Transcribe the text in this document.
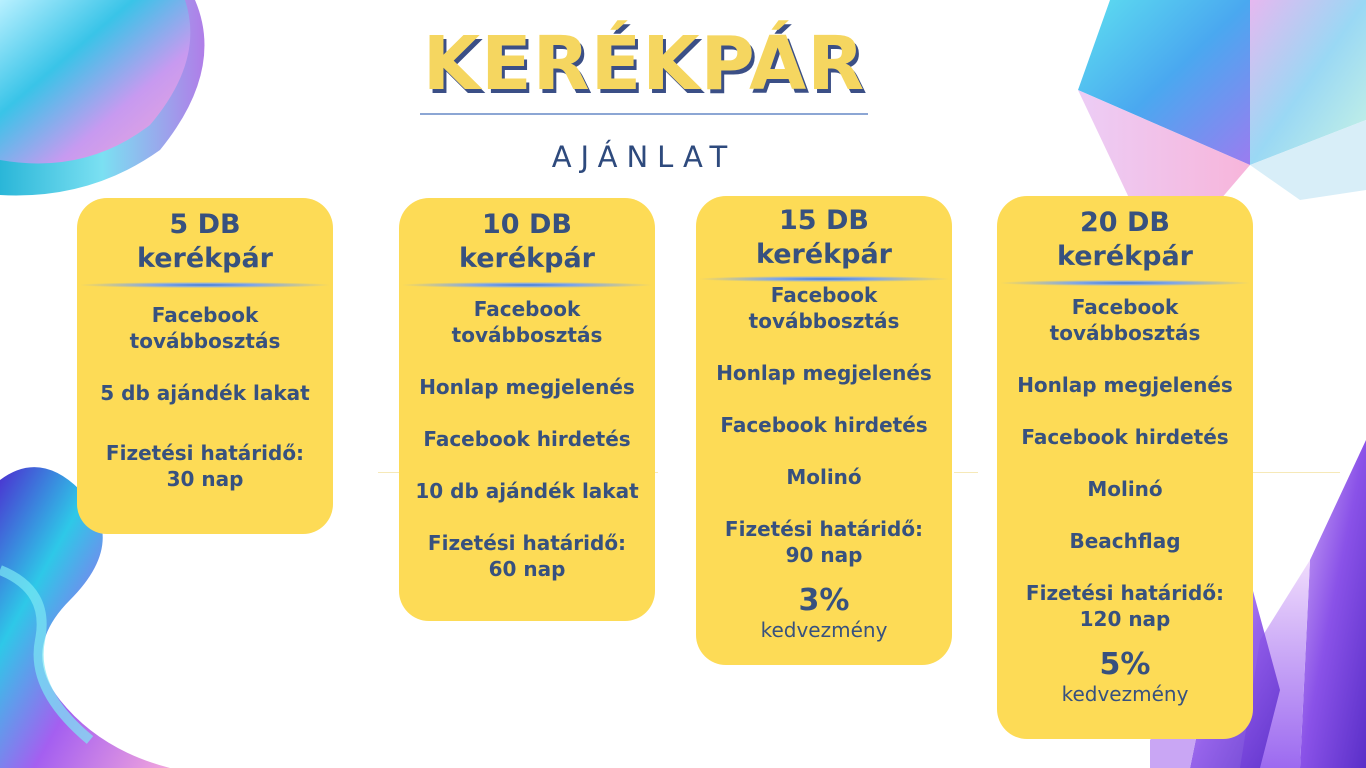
KERÉKPÁR
AJÁNLAT
5 DB
kerékpár
Facebook továbbosztás
5 db ajándék lakat
Fizetési határidő:
30 nap
10 DB
kerékpár
Facebook továbbosztás
Honlap megjelenés
Facebook hirdetés
10 db ajándék lakat
Fizetési határidő:
60 nap
15 DB
kerékpár
Facebook továbbosztás
Honlap megjelenés
Facebook hirdetés
Molinó
Fizetési határidő:
90 nap
3%
kedvezmény
20 DB
kerékpár
Facebook továbbosztás
Honlap megjelenés
Facebook hirdetés
Molinó
Beachflag
Fizetési határidő:
120 nap
5%
kedvezmény
